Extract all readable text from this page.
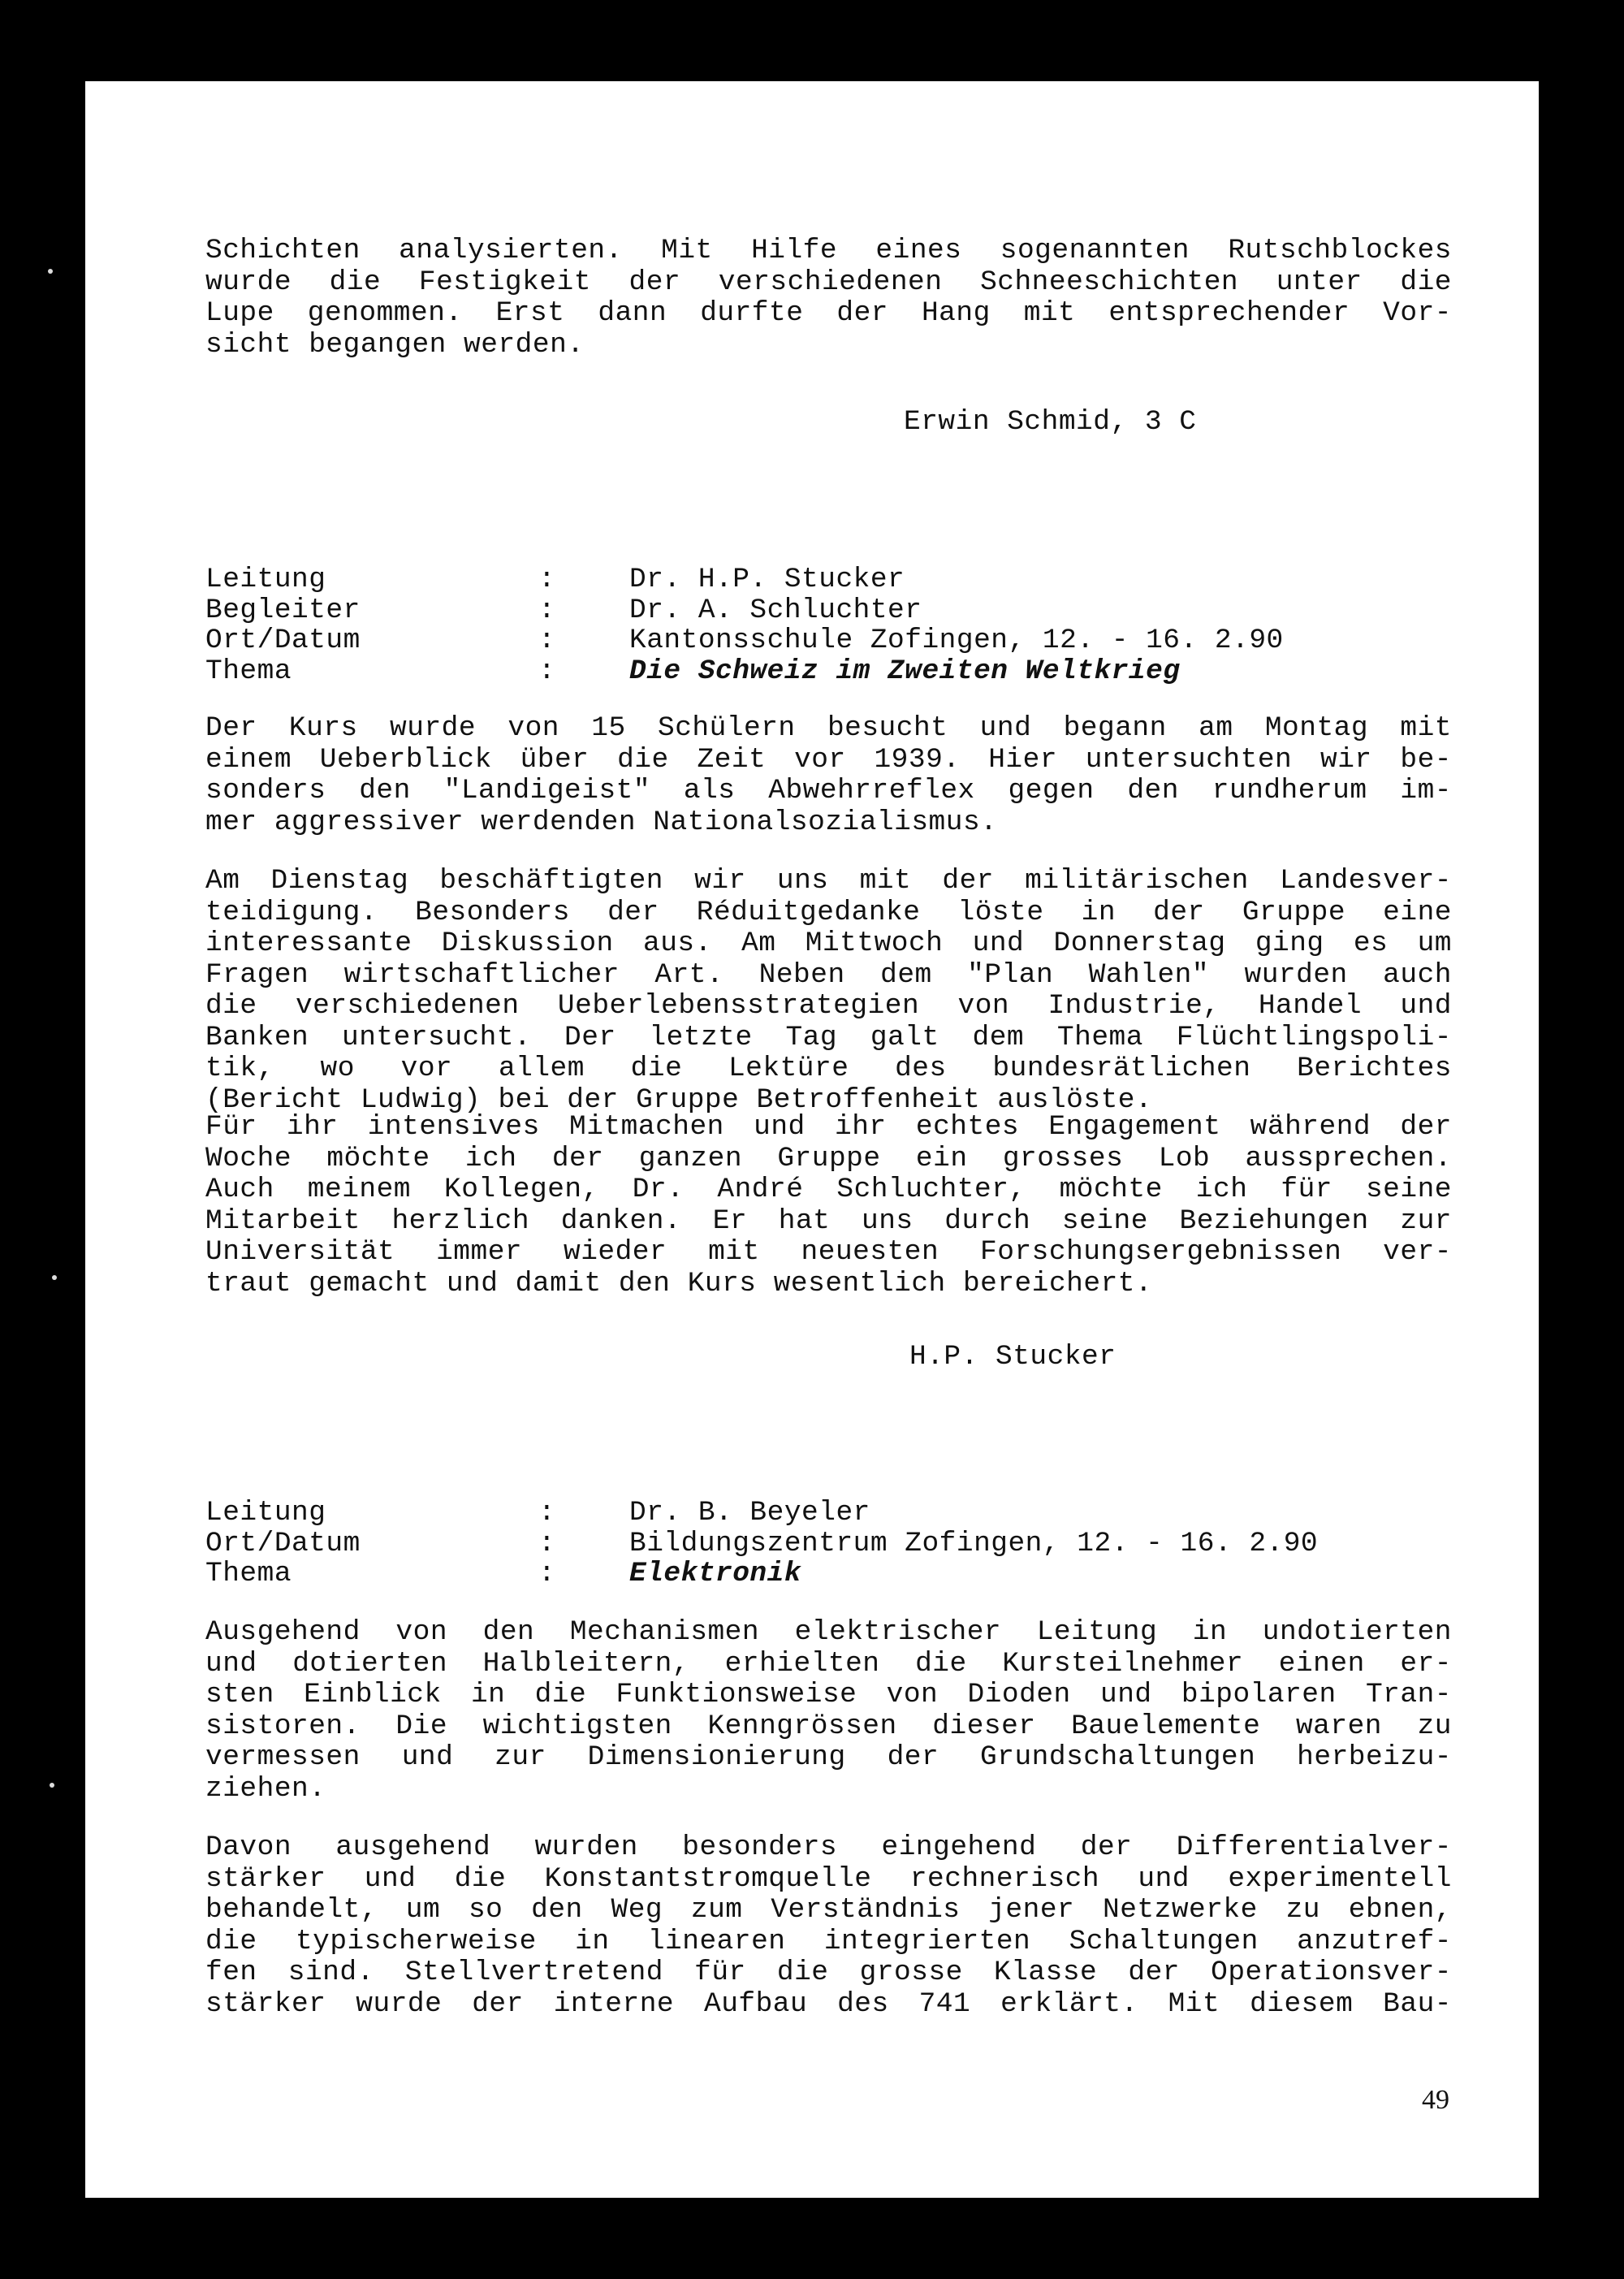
Schichten analysierten. Mit Hilfe eines sogenannten Rutschblockes
wurde die Festigkeit der verschiedenen Schneeschichten unter die
Lupe genommen. Erst dann durfte der Hang mit entsprechender Vor-
sicht begangen werden.
Erwin Schmid, 3 C
Leitung	:	Dr. H.P. Stucker
Begleiter	:	Dr. A. Schluchter
Ort/Datum	:	Kantonsschule Zofingen, 12. - 16. 2.90
Thema	:	Die Schweiz im Zweiten Weltkrieg
Der Kurs wurde von 15 Schülern besucht und begann am Montag mit
einem Ueberblick über die Zeit vor 1939. Hier untersuchten wir be-
sonders den "Landigeist" als Abwehrreflex gegen den rundherum im-
mer aggressiver werdenden Nationalsozialismus.
Am Dienstag beschäftigten wir uns mit der militärischen Landesver-
teidigung. Besonders der Réduitgedanke löste in der Gruppe eine
interessante Diskussion aus. Am Mittwoch und Donnerstag ging es um
Fragen wirtschaftlicher Art. Neben dem "Plan Wahlen" wurden auch
die verschiedenen Ueberlebensstrategien von Industrie, Handel und
Banken untersucht. Der letzte Tag galt dem Thema Flüchtlingspoli-
tik, wo vor allem die Lektüre des bundesrätlichen Berichtes
(Bericht Ludwig) bei der Gruppe Betroffenheit auslöste.
Für ihr intensives Mitmachen und ihr echtes Engagement während der
Woche möchte ich der ganzen Gruppe ein grosses Lob aussprechen.
Auch meinem Kollegen, Dr. André Schluchter, möchte ich für seine
Mitarbeit herzlich danken. Er hat uns durch seine Beziehungen zur
Universität immer wieder mit neuesten Forschungsergebnissen ver-
traut gemacht und damit den Kurs wesentlich bereichert.
H.P. Stucker
Leitung	:	Dr. B. Beyeler
Ort/Datum	:	Bildungszentrum Zofingen, 12. - 16. 2.90
Thema	:	Elektronik
Ausgehend von den Mechanismen elektrischer Leitung in undotierten
und dotierten Halbleitern, erhielten die Kursteilnehmer einen er-
sten Einblick in die Funktionsweise von Dioden und bipolaren Tran-
sistoren. Die wichtigsten Kenngrössen dieser Bauelemente waren zu
vermessen und zur Dimensionierung der Grundschaltungen herbeizu-
ziehen.
Davon ausgehend wurden besonders eingehend der Differentialver-
stärker und die Konstantstromquelle rechnerisch und experimentell
behandelt, um so den Weg zum Verständnis jener Netzwerke zu ebnen,
die typischerweise in linearen integrierten Schaltungen anzutref-
fen sind. Stellvertretend für die grosse Klasse der Operationsver-
stärker wurde der interne Aufbau des 741 erklärt. Mit diesem Bau-
49
